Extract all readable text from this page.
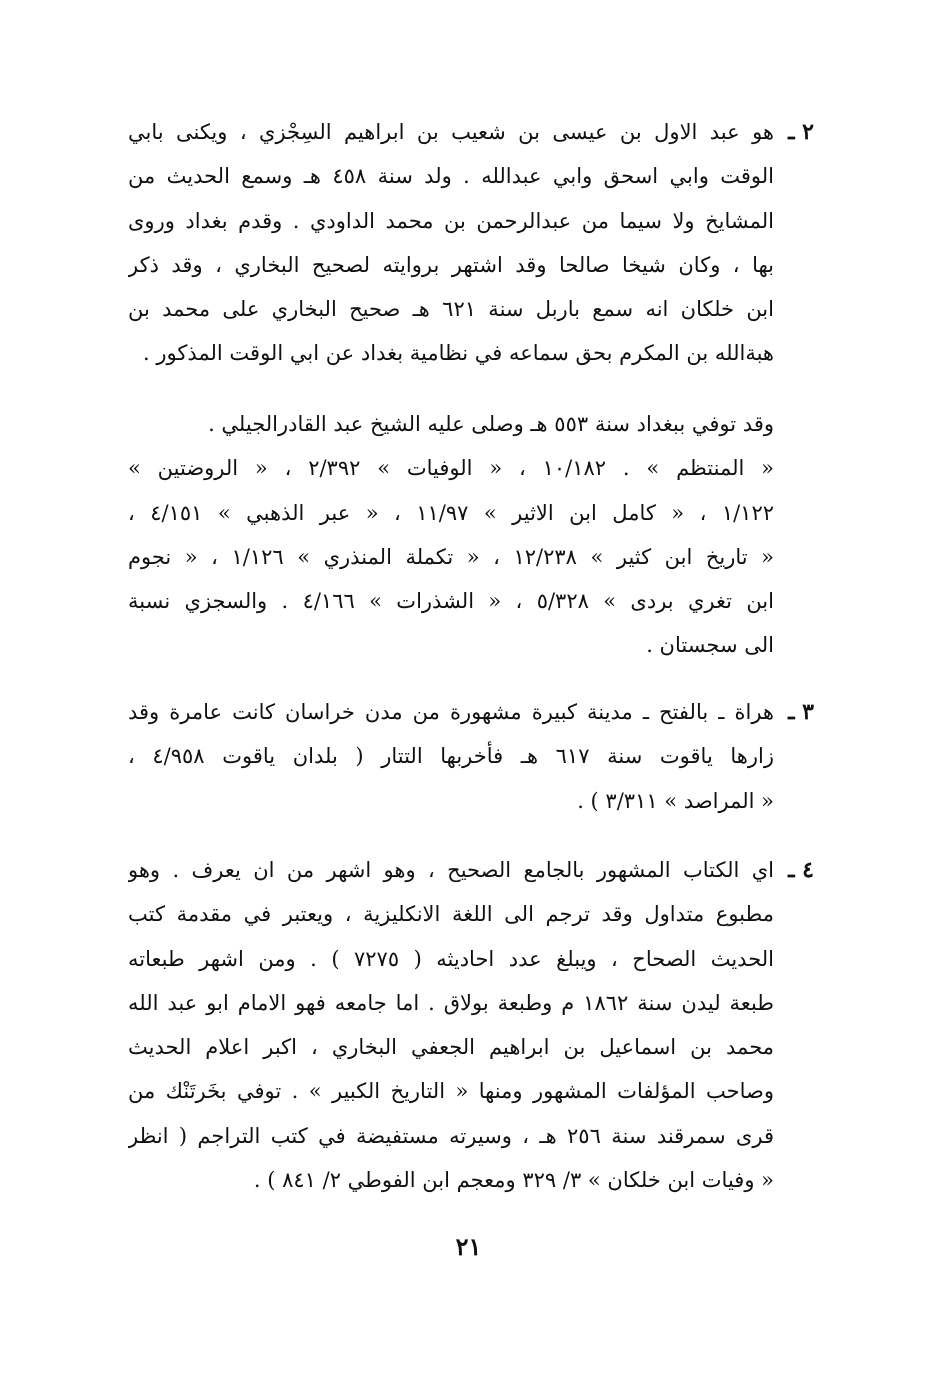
٢ ـ
هو عبد الاول بن عيسى بن شعيب بن ابراهيم السِجْزي ، ويكنى بابي
الوقت وابي اسحق وابي عبدالله . ولد سنة ٤٥٨ هـ وسمع الحديث من
المشايخ ولا سيما من عبدالرحمن بن محمد الداودي . وقدم بغداد وروى
بها ، وكان شيخا صالحا وقد اشتهر بروايته لصحيح البخاري ، وقد ذكر
ابن خلكان انه سمع باربل سنة ٦٢١ هـ صحيح البخاري على محمد بن
هبةالله بن المكرم بحق سماعه في نظامية بغداد عن ابي الوقت المذكور .
وقد توفي ببغداد سنة ٥٥٣ هـ وصلى عليه الشيخ عبد القادرالجيلي .
« المنتظم » . ١٠/١٨٢ ، « الوفيات » ٢/٣٩٢ ، « الروضتين »
١/١٢٢ ، « كامل ابن الاثير » ١١/٩٧ ، « عبر الذهبي » ٤/١٥١ ،
« تاريخ ابن كثير » ١٢/٢٣٨ ، « تكملة المنذري » ١/١٢٦ ، « نجوم
ابن تغري بردى » ٥/٣٢٨ ، « الشذرات » ٤/١٦٦ . والسجزي نسبة
الى سجستان .
٣ ـ
هراة ـ بالفتح ـ مدينة كبيرة مشهورة من مدن خراسان كانت عامرة وقد
زارها ياقوت سنة ٦١٧ هـ فأخربها التتار ( بلدان ياقوت ٤/٩٥٨ ،
« المراصد » ٣/٣١١ ) .
٤ ـ
اي الكتاب المشهور بالجامع الصحيح ، وهو اشهر من ان يعرف . وهو
مطبوع متداول وقد ترجم الى اللغة الانكليزية ، ويعتبر في مقدمة كتب
الحديث الصحاح ، ويبلغ عدد احاديثه ( ٧٢٧٥ ) . ومن اشهر طبعاته
طبعة ليدن سنة ١٨٦٢ م وطبعة بولاق . اما جامعه فهو الامام ابو عبد الله
محمد بن اسماعيل بن ابراهيم الجعفي البخاري ، اكبر اعلام الحديث
وصاحب المؤلفات المشهور ومنها « التاريخ الكبير » . توفي بخَرتَنْك من
قرى سمرقند سنة ٢٥٦ هـ ، وسيرته مستفيضة في كتب التراجم ( انظر
« وفيات ابن خلكان » ٣/ ٣٢٩ ومعجم ابن الفوطي ٢/ ٨٤١ ) .
٢١
